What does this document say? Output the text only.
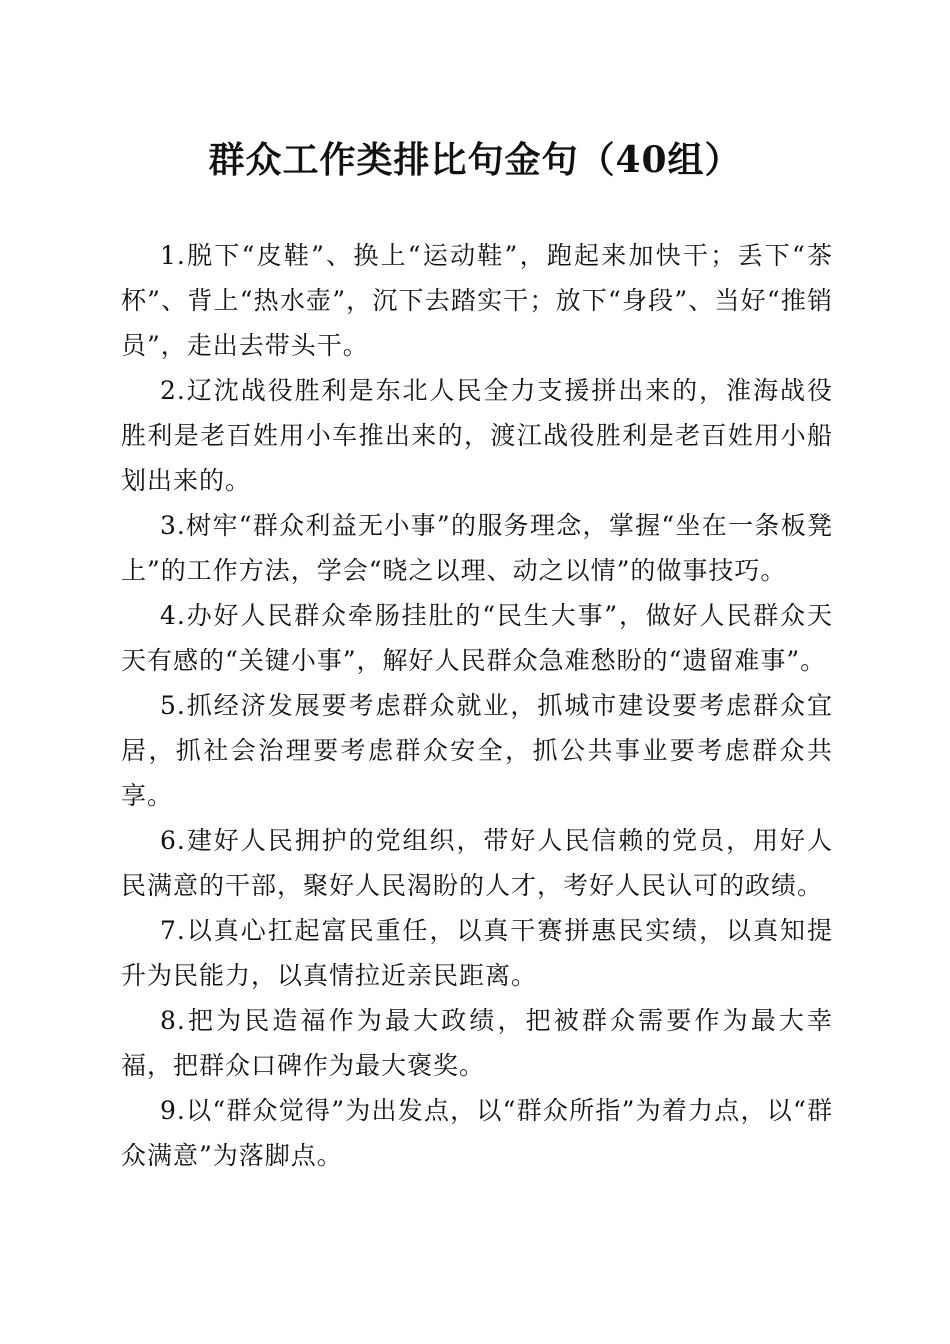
群众工作类排比句金句（40组）

1.脱下“皮鞋”、换上“运动鞋”，跑起来加快干；丢下“茶杯”、背上“热水壶”，沉下去踏实干；放下“身段”、当好“推销员”，走出去带头干。

2.辽沈战役胜利是东北人民全力支援拼出来的，淮海战役胜利是老百姓用小车推出来的，渡江战役胜利是老百姓用小船划出来的。

3.树牢“群众利益无小事”的服务理念，掌握“坐在一条板凳上”的工作方法，学会“晓之以理、动之以情”的做事技巧。

4.办好人民群众牵肠挂肚的“民生大事”，做好人民群众天天有感的“关键小事”，解好人民群众急难愁盼的“遗留难事”。

5.抓经济发展要考虑群众就业，抓城市建设要考虑群众宜居，抓社会治理要考虑群众安全，抓公共事业要考虑群众共享。

6.建好人民拥护的党组织，带好人民信赖的党员，用好人民满意的干部，聚好人民渴盼的人才，考好人民认可的政绩。

7.以真心扛起富民重任，以真干赛拼惠民实绩，以真知提升为民能力，以真情拉近亲民距离。

8.把为民造福作为最大政绩，把被群众需要作为最大幸福，把群众口碑作为最大褒奖。

9.以“群众觉得”为出发点，以“群众所指”为着力点，以“群众满意”为落脚点。
